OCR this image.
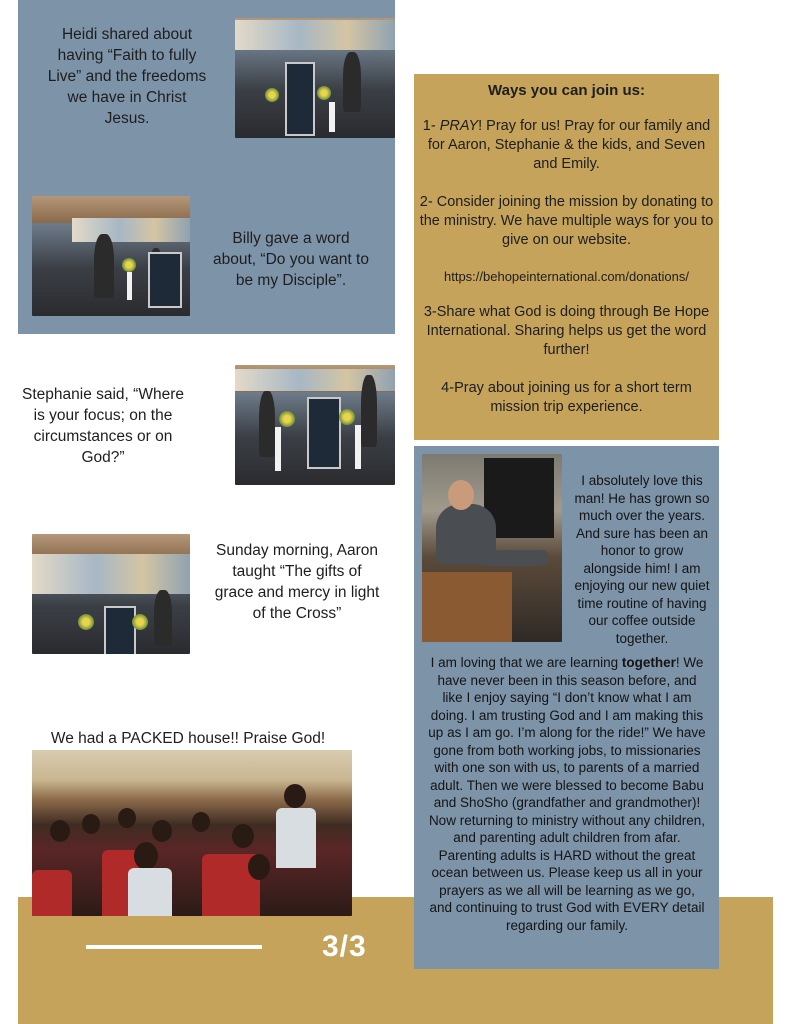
Heidi shared about having “Faith to fully Live” and the freedoms we have in Christ Jesus.
Billy gave a word about, “Do you want to be my Disciple”.
Stephanie said, “Where is your focus; on the circumstances or on God?”
Sunday morning, Aaron taught “The gifts of grace and mercy in light of the Cross”
We had a PACKED house!! Praise God!
3/3

Ways you can join us:

1- PRAY! Pray for us! Pray for our family and for Aaron, Stephanie & the kids, and Seven and Emily.
2- Consider joining the mission by donating to the ministry. We have multiple ways for you to give on our website.
https://behopeinternational.com/donations/
3-Share what God is doing through Be Hope International. Sharing helps us get the word further!
4-Pray about joining us for a short term mission trip experience.
I absolutely love this man! He has grown so much over the years. And sure has been an honor to grow alongside him! I am enjoying our new quiet time routine of having our coffee outside together.
I am loving that we are learning together! We have never been in this season before, and like I enjoy saying “I don’t know what I am doing. I am trusting God and I am making this up as I am go. I’m along for the ride!” We have gone from both working jobs, to missionaries with one son with us, to parents of a married adult. Then we were blessed to become Babu and ShoSho (grandfather and grandmother)! Now returning to ministry without any children, and parenting adult children from afar. Parenting adults is HARD without the great ocean between us. Please keep us all in your prayers as we all will be learning as we go, and continuing to trust God with EVERY detail regarding our family.
